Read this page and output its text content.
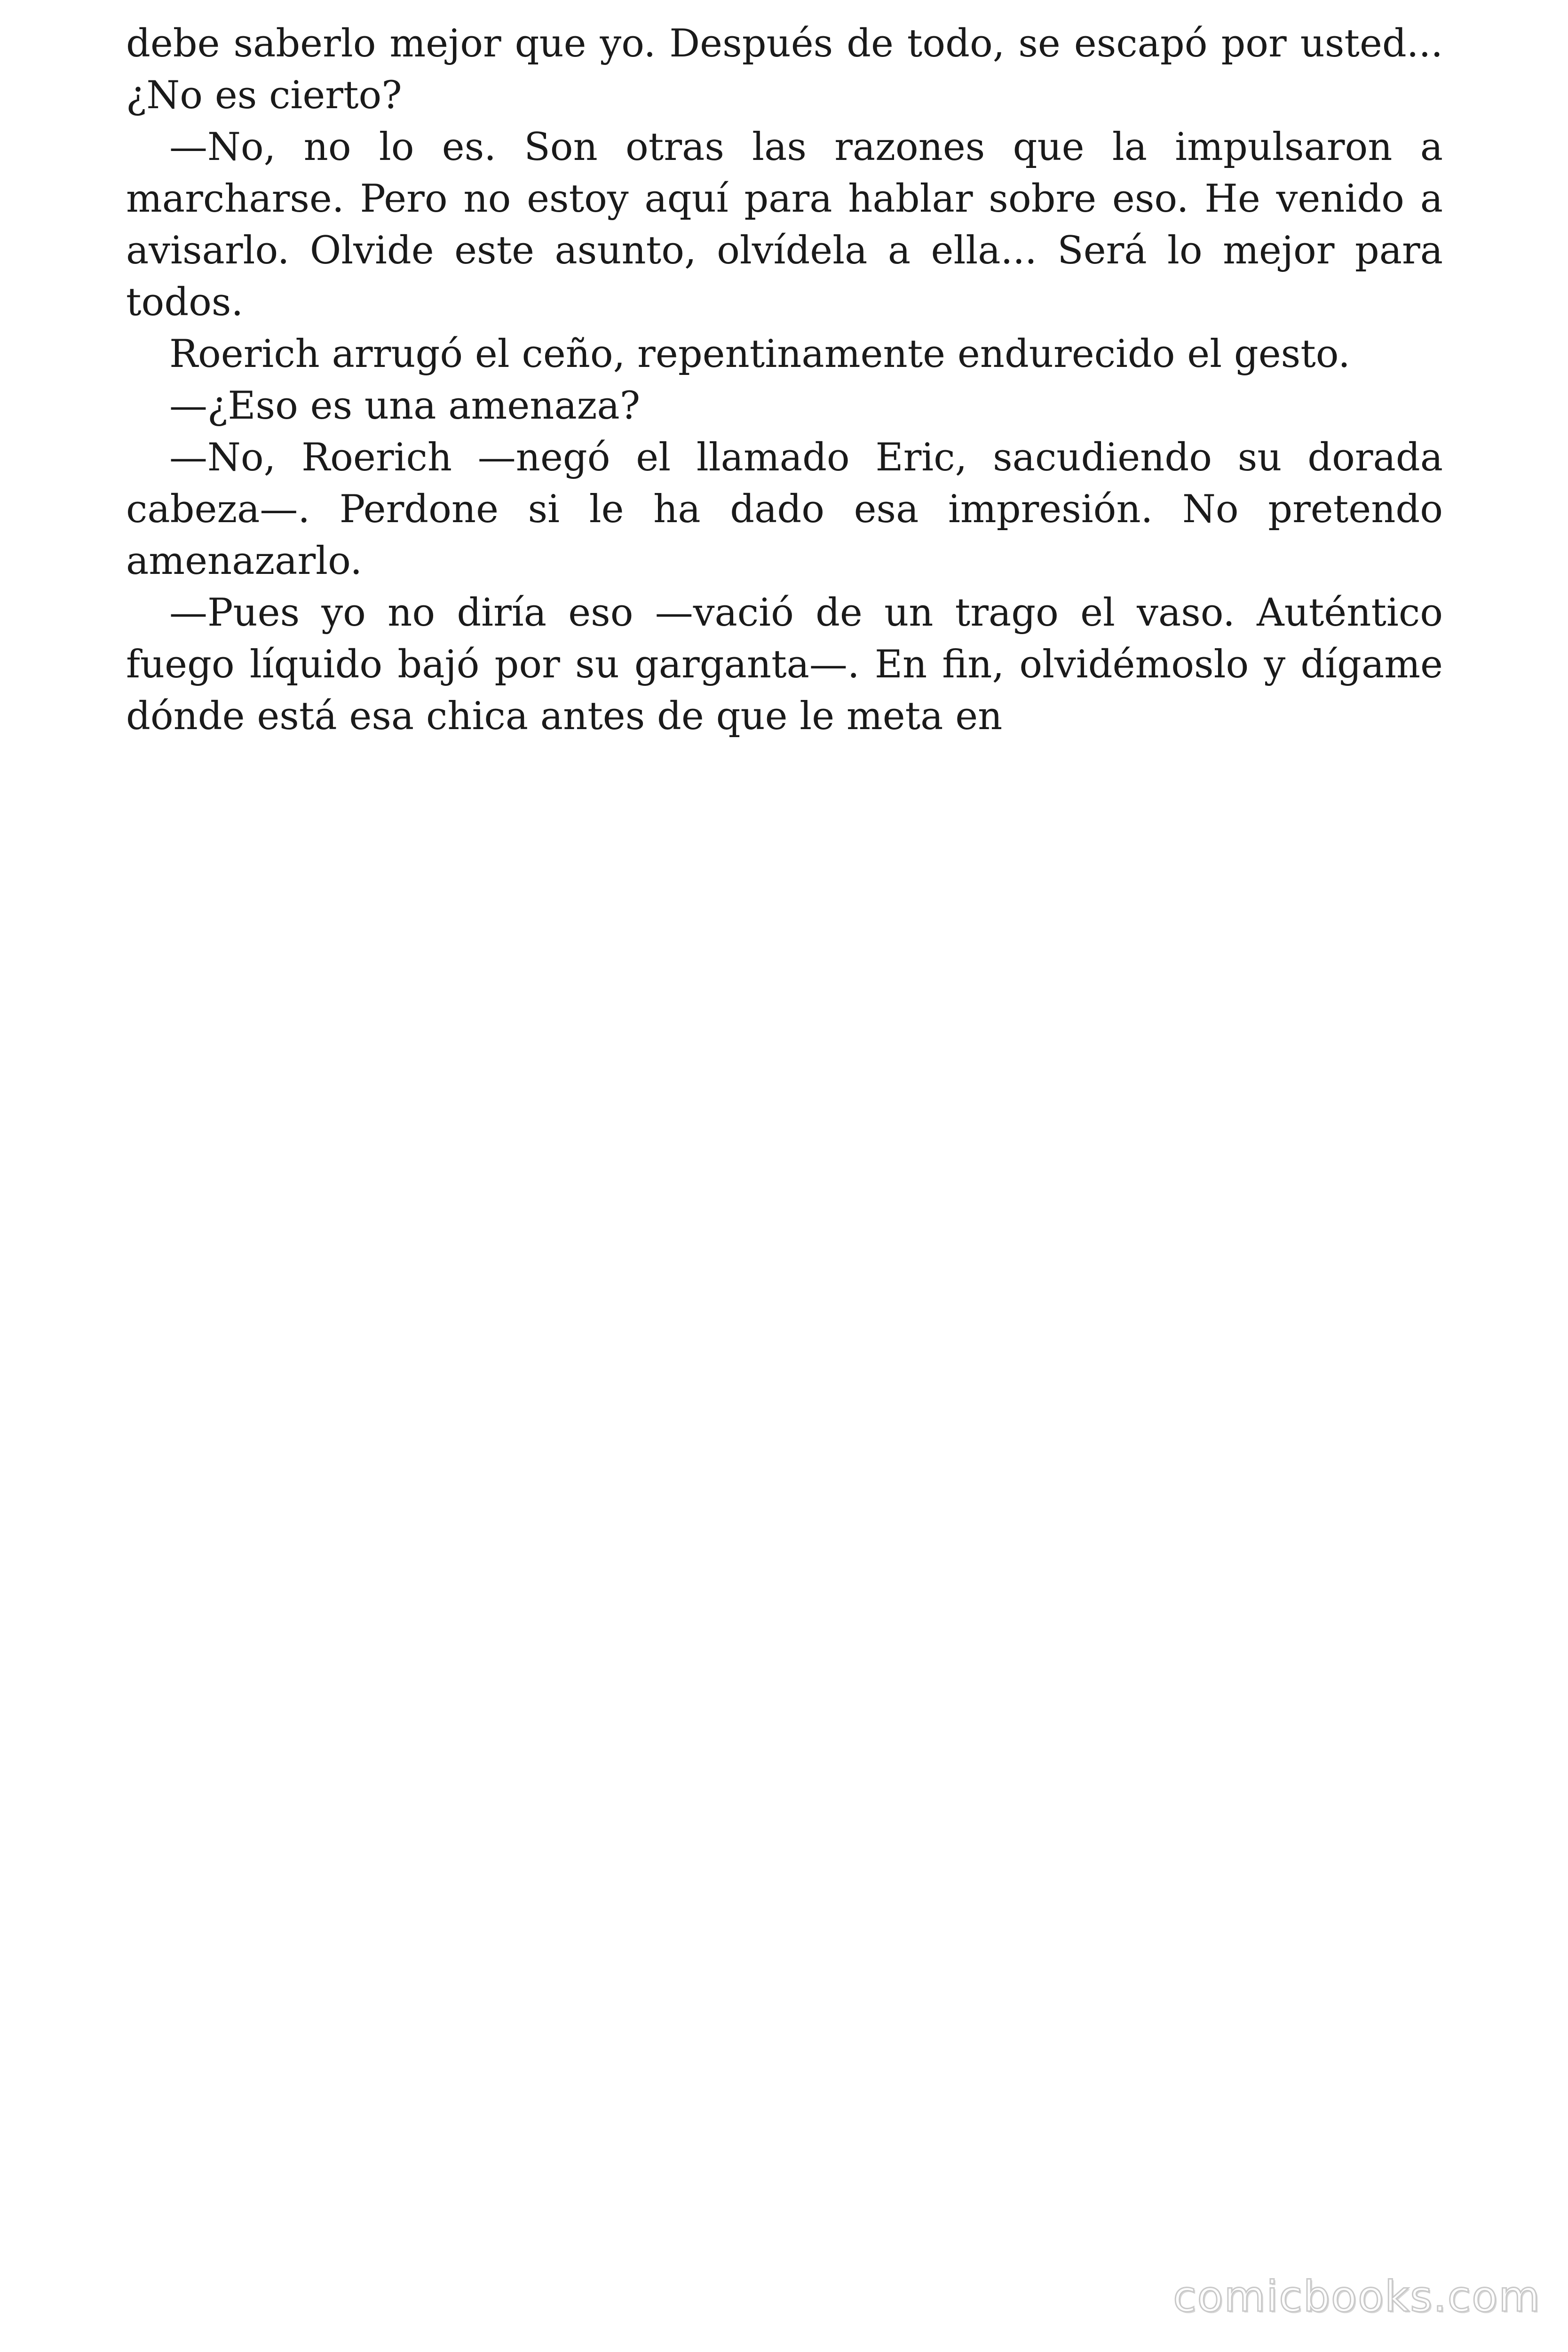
debe saberlo mejor que yo. Después de todo, se escapó por usted... ¿No es cierto?

—No, no lo es. Son otras las razones que la impulsaron a marcharse. Pero no estoy aquí para hablar sobre eso. He venido a avisarlo. Olvide este asunto, olvídela a ella... Será lo mejor para todos.

Roerich arrugó el ceño, repentinamente endurecido el gesto.

—¿Eso es una amenaza?

—No, Roerich —negó el llamado Eric, sacudiendo su dorada cabeza—. Perdone si le ha dado esa impresión. No pretendo amenazarlo.

—Pues yo no diría eso —vació de un trago el vaso. Auténtico fuego líquido bajó por su garganta—. En fin, olvidémoslo y dígame dónde está esa chica antes de que le meta en

comicbooks.com
